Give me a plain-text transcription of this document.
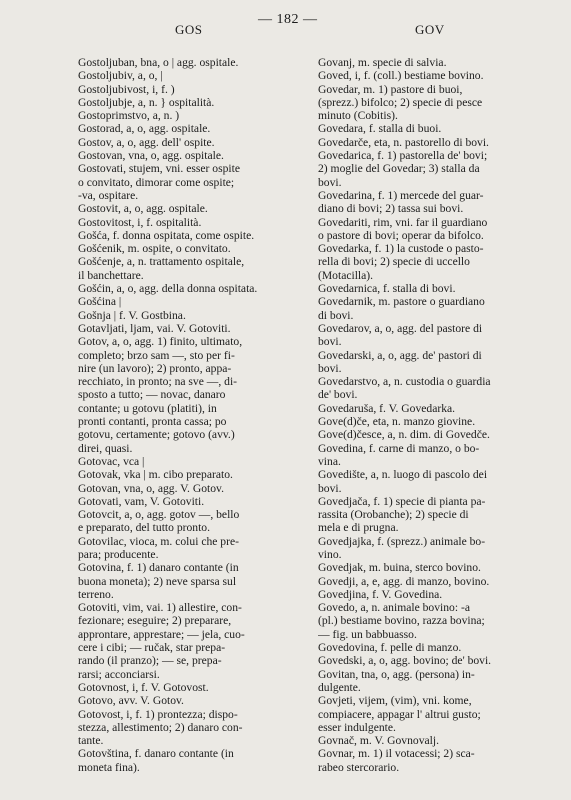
GOS
— 182 —
GOV
Gostoljuban, bna, o | agg. ospitale.
Gostoljubiv, a, o, |
Gostoljubivost, i, f. )
Gostoljubje, a, n. } ospitalità.
Gostoprimstvo, a, n. )
Gostorad, a, o, agg. ospitale.
Gostov, a, o, agg. dell' ospite.
Gostovan, vna, o, agg. ospitale.
Gostovati, stujem, vni. esser ospite
o convitato, dimorar come ospite;
-va, ospitare.
Gostovit, a, o, agg. ospitale.
Gostovitost, i, f. ospitalità.
Gošća, f. donna ospitata, come ospite.
Gošćenik, m. ospite, o convitato.
Gošćenje, a, n. trattamento ospitale,
il banchettare.
Gošćin, a, o, agg. della donna ospitata.
Gošćina |
Gošnja | f. V. Gostbina.
Gotavljati, ljam, vai. V. Gotoviti.
Gotov, a, o, agg. 1) finito, ultimato,
completo; brzo sam —, sto per fi-
nire (un lavoro); 2) pronto, appa-
recchiato, in pronto; na sve —, di-
sposto a tutto; — novac, danaro
contante; u gotovu (platiti), in
pronti contanti, pronta cassa; po
gotovu, certamente; gotovo (avv.)
direi, quasi.
Gotovac, vca |
Gotovak, vka | m. cibo preparato.
Gotovan, vna, o, agg. V. Gotov.
Gotovati, vam, V. Gotoviti.
Gotovcit, a, o, agg. gotov —, bello
e preparato, del tutto pronto.
Gotovilac, vioca, m. colui che pre-
para; producente.
Gotovina, f. 1) danaro contante (in
buona moneta); 2) neve sparsa sul
terreno.
Gotoviti, vim, vai. 1) allestire, con-
fezionare; eseguire; 2) preparare,
approntare, apprestare; — jela, cuo-
cere i cibi; — ručak, star prepa-
rando (il pranzo); — se, prepa-
rarsi; acconciarsi.
Gotovnost, i, f. V. Gotovost.
Gotovo, avv. V. Gotov.
Gotovost, i, f. 1) prontezza; dispo-
stezza, allestimento; 2) danaro con-
tante.
Gotovština, f. danaro contante (in
moneta fina).
Govanj, m. specie di salvia.
Goved, i, f. (coll.) bestiame bovino.
Govedar, m. 1) pastore di buoi,
(sprezz.) bifolco; 2) specie di pesce
minuto (Cobitis).
Govedara, f. stalla di buoi.
Govedarče, eta, n. pastorello di bovi.
Govedarica, f. 1) pastorella de' bovi;
2) moglie del Govedar; 3) stalla da
bovi.
Govedarina, f. 1) mercede del guar-
diano di bovi; 2) tassa sui bovi.
Govedariti, rim, vni. far il guardiano
o pastore di bovi; operar da bifolco.
Govedarka, f. 1) la custode o pasto-
rella di bovi; 2) specie di uccello
(Motacilla).
Govedarnica, f. stalla di bovi.
Govedarnik, m. pastore o guardiano
di bovi.
Govedarov, a, o, agg. del pastore di
bovi.
Govedarski, a, o, agg. de' pastori di
bovi.
Govedarstvo, a, n. custodia o guardia
de' bovi.
Govedaruša, f. V. Govedarka.
Gove(d)če, eta, n. manzo giovine.
Gove(d)česce, a, n. dim. di Govedče.
Govedina, f. carne di manzo, o bo-
vina.
Govedište, a, n. luogo di pascolo dei
bovi.
Govedjača, f. 1) specie di pianta pa-
rassita (Orobanche); 2) specie di
mela e di prugna.
Govedjajka, f. (sprezz.) animale bo-
vino.
Govedjak, m. buina, sterco bovino.
Govedji, a, e, agg. di manzo, bovino.
Govedjina, f. V. Govedina.
Govedo, a, n. animale bovino: -a
(pl.) bestiame bovino, razza bovina;
— fig. un babbuasso.
Govedovina, f. pelle di manzo.
Govedski, a, o, agg. bovino; de' bovi.
Govitan, tna, o, agg. (persona) in-
dulgente.
Govjeti, vijem, (vim), vni. kome,
compiacere, appagar l' altrui gusto;
esser indulgente.
Govnač, m. V. Govnovalj.
Govnar, m. 1) il votacessi; 2) sca-
rabeo stercorario.
